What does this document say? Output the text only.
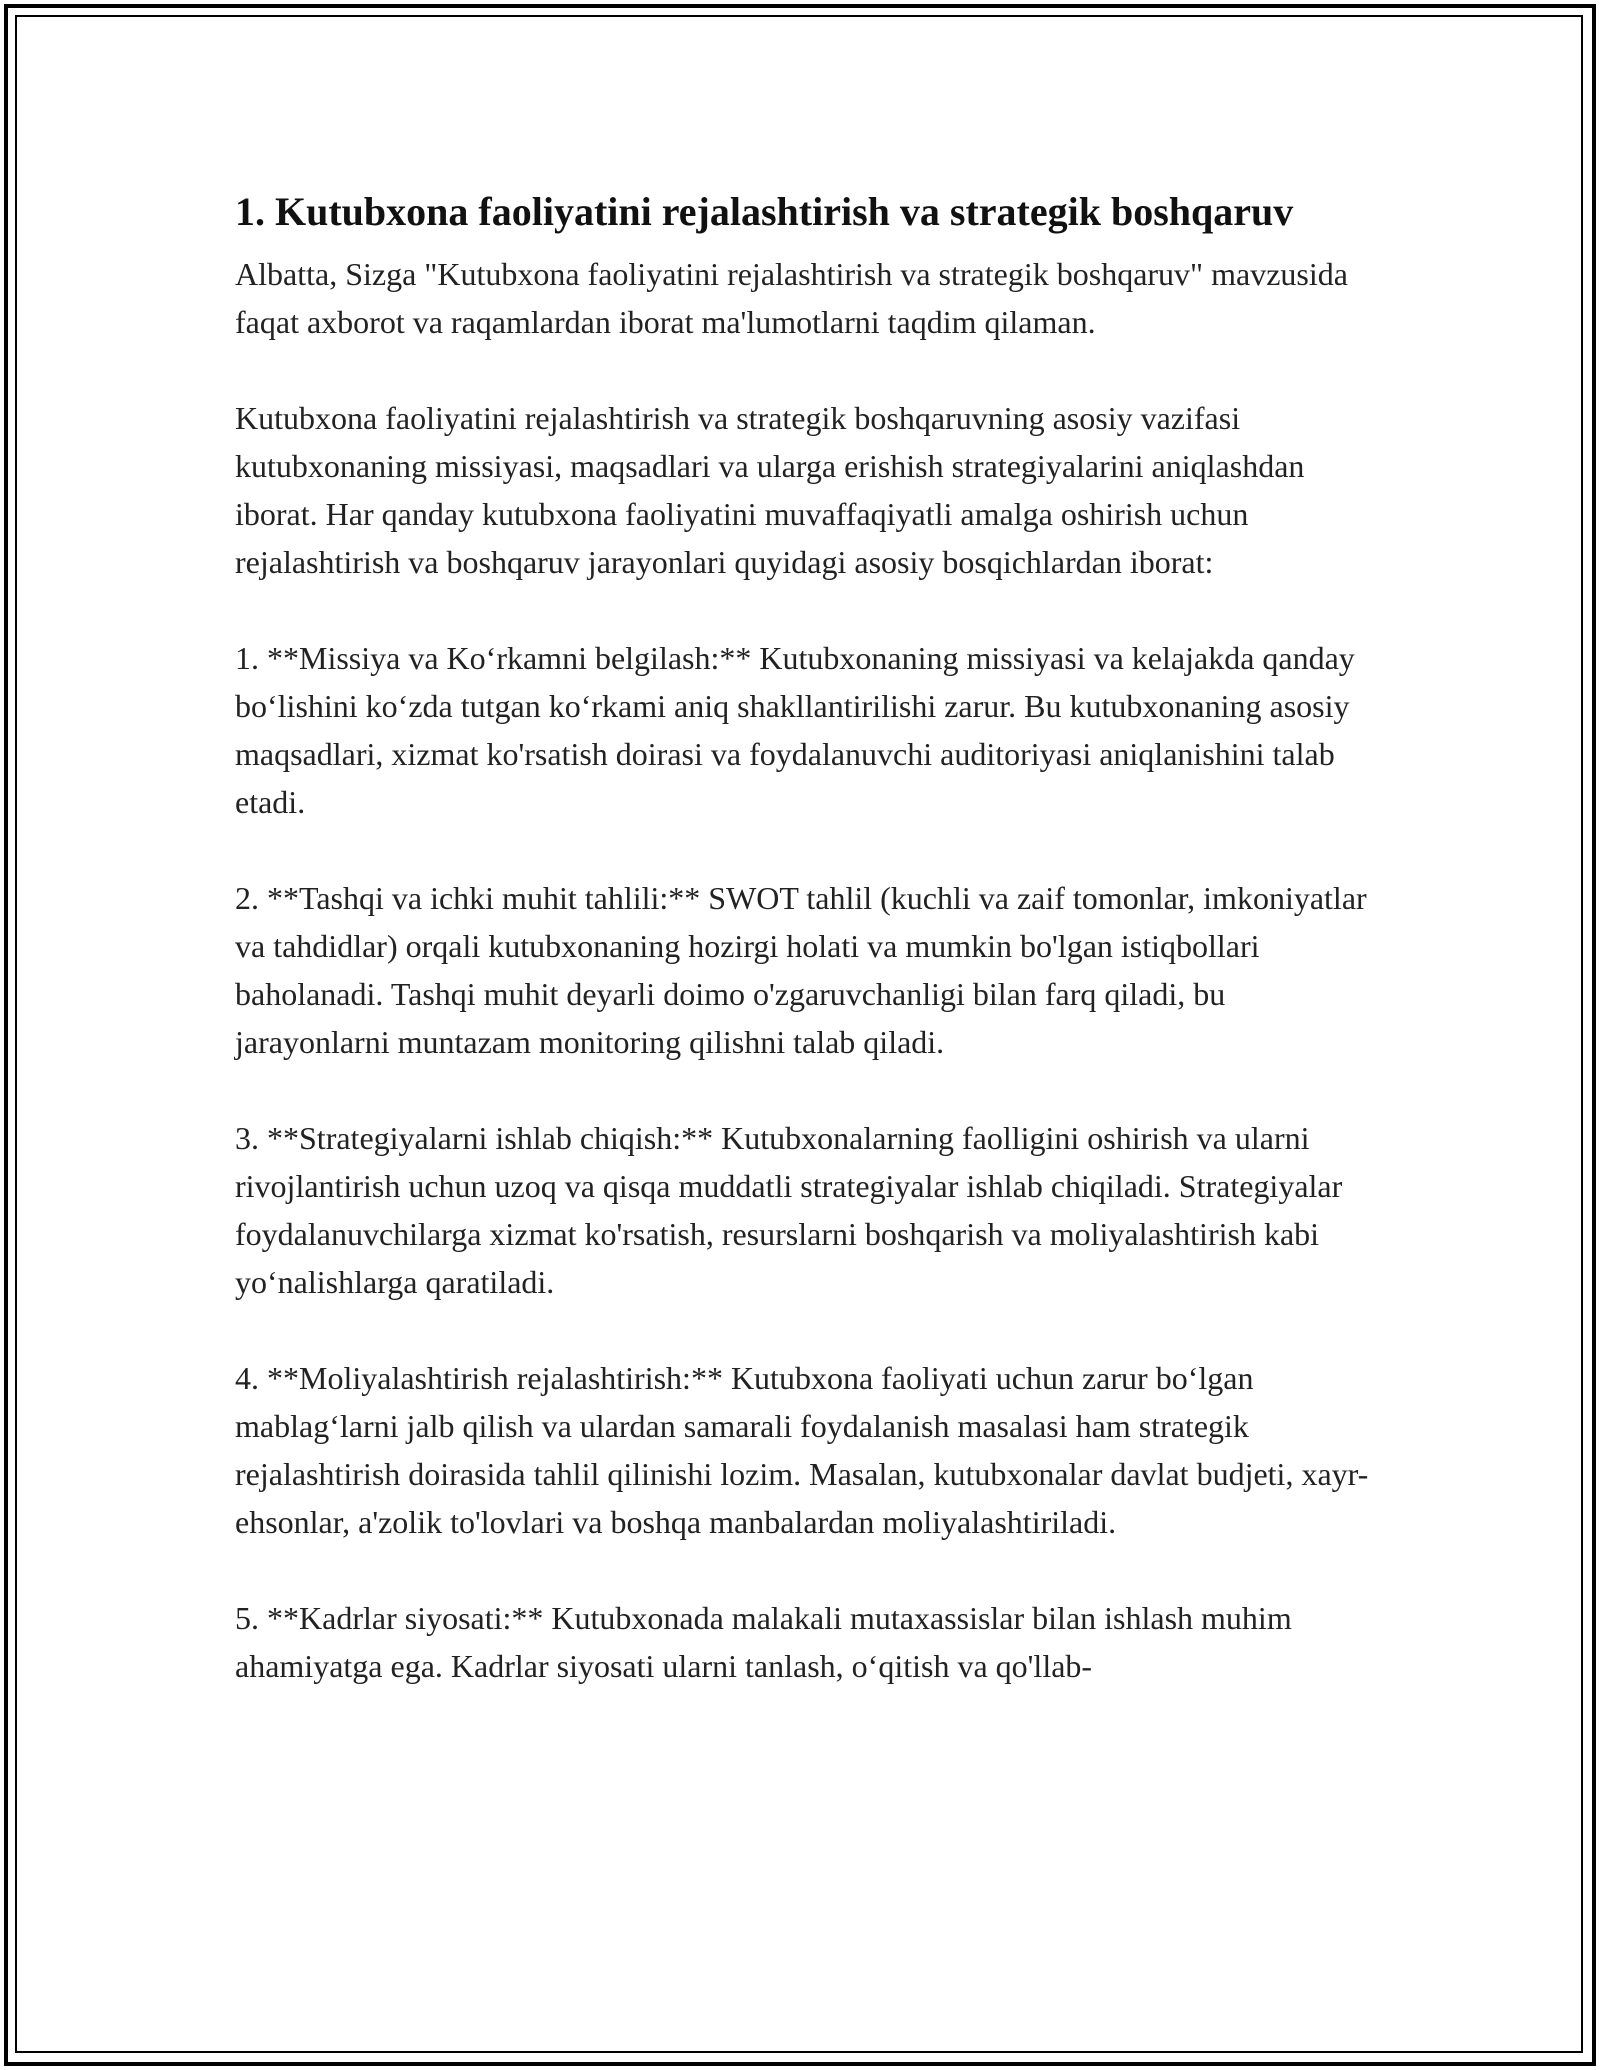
1. Kutubxona faoliyatini rejalashtirish va strategik boshqaruv

Albatta, Sizga "Kutubxona faoliyatini rejalashtirish va strategik boshqaruv" mavzusida faqat axborot va raqamlardan iborat ma'lumotlarni taqdim qilaman.

Kutubxona faoliyatini rejalashtirish va strategik boshqaruvning asosiy vazifasi kutubxonaning missiyasi, maqsadlari va ularga erishish strategiyalarini aniqlashdan iborat. Har qanday kutubxona faoliyatini muvaffaqiyatli amalga oshirish uchun rejalashtirish va boshqaruv jarayonlari quyidagi asosiy bosqichlardan iborat:

1. **Missiya va Ko‘rkamni belgilash:** Kutubxonaning missiyasi va kelajakda qanday bo‘lishini ko‘zda tutgan ko‘rkami aniq shakllantirilishi zarur. Bu kutubxonaning asosiy maqsadlari, xizmat ko'rsatish doirasi va foydalanuvchi auditoriyasi aniqlanishini talab etadi.

2. **Tashqi va ichki muhit tahlili:** SWOT tahlil (kuchli va zaif tomonlar, imkoniyatlar va tahdidlar) orqali kutubxonaning hozirgi holati va mumkin bo'lgan istiqbollari baholanadi. Tashqi muhit deyarli doimo o'zgaruvchanligi bilan farq qiladi, bu jarayonlarni muntazam monitoring qilishni talab qiladi.

3. **Strategiyalarni ishlab chiqish:** Kutubxonalarning faolligini oshirish va ularni rivojlantirish uchun uzoq va qisqa muddatli strategiyalar ishlab chiqiladi. Strategiyalar foydalanuvchilarga xizmat ko'rsatish, resurslarni boshqarish va moliyalashtirish kabi yo‘nalishlarga qaratiladi.

4. **Moliyalashtirish rejalashtirish:** Kutubxona faoliyati uchun zarur bo‘lgan mablag‘larni jalb qilish va ulardan samarali foydalanish masalasi ham strategik rejalashtirish doirasida tahlil qilinishi lozim. Masalan, kutubxonalar davlat budjeti, xayr-ehsonlar, a'zolik to'lovlari va boshqa manbalardan moliyalashtiriladi.

5. **Kadrlar siyosati:** Kutubxonada malakali mutaxassislar bilan ishlash muhim ahamiyatga ega. Kadrlar siyosati ularni tanlash, o‘qitish va qo'llab-
